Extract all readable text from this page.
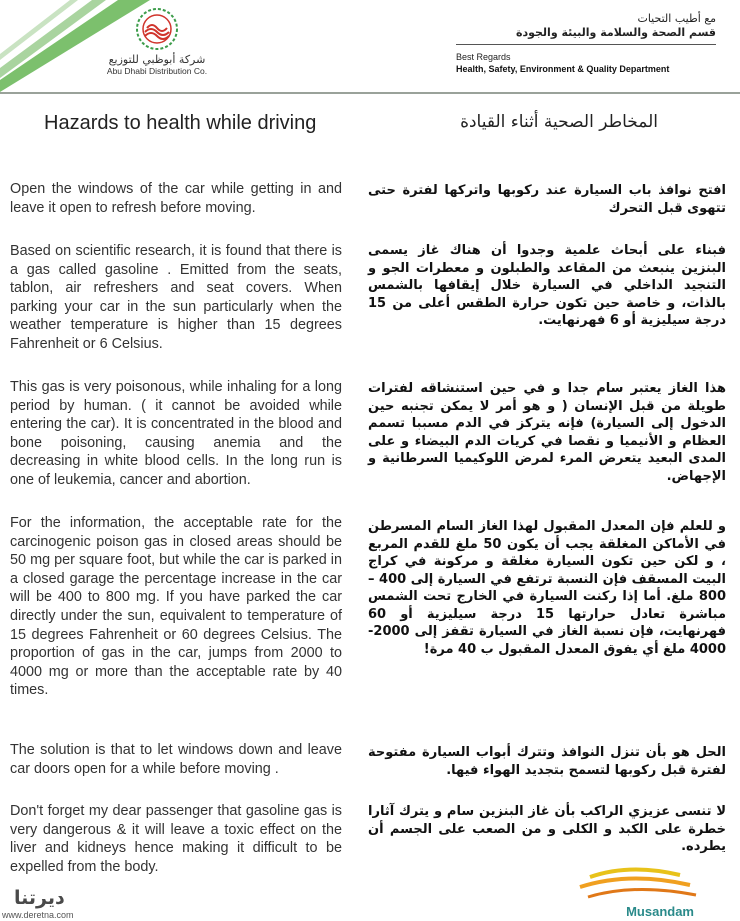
شركة أبوظبي للتوزيع
Abu Dhabi Distribution Co.
مع أطيب التحيات
قسم الصحة والسلامة والبيئة والجودة
Best Regards
Health, Safety, Environment & Quality Department
Hazards to health while driving	المخاطر الصحية أثناء القيادة
Open the windows of the car while getting in and leave it open to refresh before moving.
Based on scientific research, it is found that there is a gas called gasoline . Emitted from the seats, tablon, air refreshers and seat covers. When parking your car in the sun particularly when the weather temperature is higher than 15 degrees Fahrenheit or 6 Celsius.
This gas is very poisonous, while inhaling for a long period by human. ( it cannot be avoided while entering the car). It is concentrated in the blood and bone poisoning, causing anemia and the decreasing in white blood cells. In the long run is one of leukemia, cancer and abortion.
For the information, the acceptable rate for the carcinogenic poison gas in closed areas should be 50 mg per square foot, but while the car is parked in a closed garage the percentage increase in the car will be 400 to 800 mg. If you have parked the car directly under the sun, equivalent to temperature of 15 degrees Fahrenheit or 60 degrees Celsius. The proportion of gas in the car, jumps from 2000 to 4000 mg or more than the acceptable rate by 40 times.
The solution is that to let windows down and leave car doors open for a while before moving .
Don't forget my dear passenger that gasoline gas is very dangerous & it will leave a toxic effect on the liver and kidneys hence making it difficult to be expelled from the body.
افتح نوافذ باب السيارة عند ركوبها واتركها لفترة حتى تتهوى قبل التحرك
فبناء على أبحاث علمية وجدوا أن هناك غاز يسمى البنزين ينبعث من المقاعد والطبلون و معطرات الجو و التنجيد الداخلي في السيارة خلال إيقافها بالشمس بالذات، و خاصة حين تكون حرارة الطقس أعلى من 15 درجة سيليزية أو 6 فهرنهايت.
هذا الغاز يعتبر سام جدا و في حين استنشاقه لفترات طويلة من قبل الإنسان ( و هو أمر لا يمكن تجنبه حين الدخول إلى السيارة) فإنه يتركز في الدم مسببا تسمم العظام و الأنيميا و نقصا في كريات الدم البيضاء و على المدى البعيد يتعرض المرء لمرض اللوكيميا السرطانية و الإجهاض.
و للعلم فإن المعدل المقبول لهذا الغاز السام المسرطن في الأماكن المغلقة يجب أن يكون 50 ملغ للقدم المربع ، و لكن حين تكون السيارة مغلقة و مركونة في كراج البيت المسقف فإن النسبة ترتفع في السيارة إلى 400 – 800 ملغ. أما إذا ركنت السيارة في الخارج تحت الشمس مباشرة تعادل حرارتها 15 درجة سيليزية أو 60 فهرنهايت، فإن نسبة الغاز في السيارة تقفز إلى 2000- 4000 ملغ أي يفوق المعدل المقبول ب 40 مرة!
الحل هو بأن تنزل النوافذ وتترك أبواب السيارة مفتوحة لفترة قبل ركوبها لتسمح بتجديد الهواء فيها.
لا تنسى عزيزي الراكب بأن غاز البنزين سام و يترك آثارا خطرة على الكبد و الكلى و من الصعب على الجسم أن يطرده.
ديرتنا
www.deretna.com	Musandam
